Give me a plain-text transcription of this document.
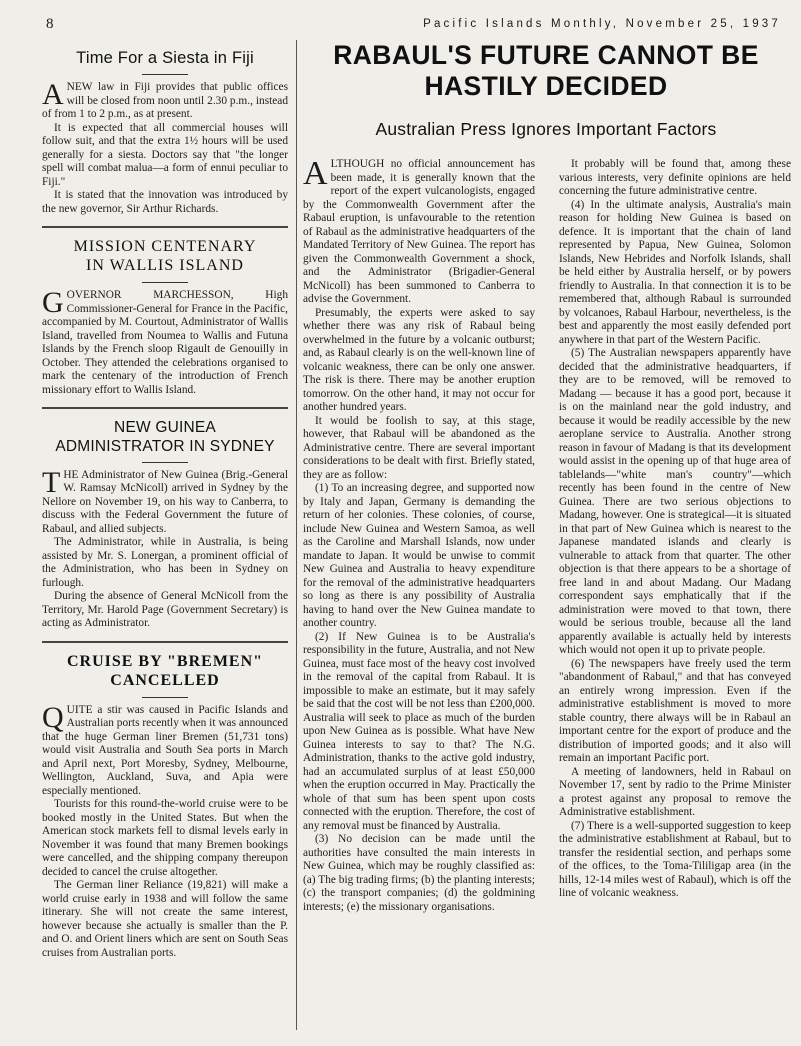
8	Pacific Islands Monthly, November 25, 1937
Time For a Siesta in Fiji

ANEW law in Fiji provides that public offices will be closed from noon until 2.30 p.m., instead of from 1 to 2 p.m., as at present.

It is expected that all commercial houses will follow suit, and that the extra 1½ hours will be used generally for a siesta. Doctors say that "the longer spell will combat malua—a form of ennui peculiar to Fiji."

It is stated that the innovation was introduced by the new governor, Sir Arthur Richards.

MISSION CENTENARY IN WALLIS ISLAND

GOVERNOR MARCHESSON, High Commissioner-General for France in the Pacific, accompanied by M. Courtout, Administrator of Wallis Island, travelled from Noumea to Wallis and Futuna Islands by the French sloop Rigault de Genouilly in October. They attended the celebrations organised to mark the centenary of the introduction of French missionary effort to Wallis Island.

NEW GUINEA ADMINISTRATOR IN SYDNEY

THE Administrator of New Guinea (Brig.-General W. Ramsay McNicoll) arrived in Sydney by the Nellore on November 19, on his way to Canberra, to discuss with the Federal Government the future of Rabaul, and allied subjects.

The Administrator, while in Australia, is being assisted by Mr. S. Lonergan, a prominent official of the Administration, who has been in Sydney on furlough.

During the absence of General McNicoll from the Territory, Mr. Harold Page (Government Secretary) is acting as Administrator.

CRUISE BY "BREMEN" CANCELLED

QUITE a stir was caused in Pacific Islands and Australian ports recently when it was announced that the huge German liner Bremen (51,731 tons) would visit Australia and South Sea ports in March and April next, Port Moresby, Sydney, Melbourne, Wellington, Auckland, Suva, and Apia were especially mentioned.

Tourists for this round-the-world cruise were to be booked mostly in the United States. But when the American stock markets fell to dismal levels early in November it was found that many Bremen bookings were cancelled, and the shipping company thereupon decided to cancel the cruise altogether.

The German liner Reliance (19,821) will make a world cruise early in 1938 and will follow the same itinerary. She will not create the same interest, however because she actually is smaller than the P. and O. and Orient liners which are sent on South Seas cruises from Australian ports.

RABAUL'S FUTURE CANNOT BE HASTILY DECIDED
Australian Press Ignores Important Factors

ALTHOUGH no official announcement has been made, it is generally known that the report of the expert vulcanologists, engaged by the Commonwealth Government after the Rabaul eruption, is unfavourable to the retention of Rabaul as the administrative headquarters of the Mandated Territory of New Guinea. The report has given the Commonwealth Government a shock, and the Administrator (Brigadier-General McNicoll) has been summoned to Canberra to advise the Government.

Presumably, the experts were asked to say whether there was any risk of Rabaul being overwhelmed in the future by a volcanic outburst; and, as Rabaul clearly is on the well-known line of volcanic weakness, there can be only one answer. The risk is there. There may be another eruption tomorrow. On the other hand, it may not occur for another hundred years.

It would be foolish to say, at this stage, however, that Rabaul will be abandoned as the Administrative centre. There are several important considerations to be dealt with first. Briefly stated, they are as follow:

(1) To an increasing degree, and supported now by Italy and Japan, Germany is demanding the return of her colonies. These colonies, of course, include New Guinea and Western Samoa, as well as the Caroline and Marshall Islands, now under mandate to Japan. It would be unwise to commit New Guinea and Australia to heavy expenditure for the removal of the administrative headquarters so long as there is any possibility of Australia having to hand over the New Guinea mandate to another country.

(2) If New Guinea is to be Australia's responsibility in the future, Australia, and not New Guinea, must face most of the heavy cost involved in the removal of the capital from Rabaul. It is impossible to make an estimate, but it may safely be said that the cost will be not less than £200,000. Australia will seek to place as much of the burden upon New Guinea as is possible. What have New Guinea interests to say to that? The N.G. Administration, thanks to the active gold industry, had an accumulated surplus of at least £50,000 when the eruption occurred in May. Practically the whole of that sum has been spent upon costs connected with the eruption. Therefore, the cost of any removal must be financed by Australia.

(3) No decision can be made until the authorities have consulted the main interests in New Guinea, which may be roughly classified as: (a) The big trading firms; (b) the planting interests; (c) the transport companies; (d) the goldmining interests; (e) the missionary organisations.

It probably will be found that, among these various interests, very definite opinions are held concerning the future administrative centre.

(4) In the ultimate analysis, Australia's main reason for holding New Guinea is based on defence. It is important that the chain of land represented by Papua, New Guinea, Solomon Islands, New Hebrides and Norfolk Islands, shall be held either by Australia herself, or by powers friendly to Australia. In that connection it is to be remembered that, although Rabaul is surrounded by volcanoes, Rabaul Harbour, nevertheless, is the best and apparently the most easily defended port anywhere in that part of the Western Pacific.

(5) The Australian newspapers apparently have decided that the administrative headquarters, if they are to be removed, will be removed to Madang — because it has a good port, because it is on the mainland near the gold industry, and because it would be readily accessible by the new aeroplane service to Australia. Another strong reason in favour of Madang is that its development would assist in the opening up of that huge area of tablelands—"white man's country"—which recently has been found in the centre of New Guinea. There are two serious objections to Madang, however. One is strategical—it is situated in that part of New Guinea which is nearest to the Japanese mandated islands and clearly is vulnerable to attack from that quarter. The other objection is that there appears to be a shortage of free land in and about Madang. Our Madang correspondent says emphatically that if the administration were moved to that town, there would be serious trouble, because all the land apparently available is actually held by interests which would not open it up to private people.

(6) The newspapers have freely used the term "abandonment of Rabaul," and that has conveyed an entirely wrong impression. Even if the administrative establishment is moved to more stable country, there always will be in Rabaul an important centre for the export of produce and the distribution of imported goods; and it also will remain an important Pacific port.

A meeting of landowners, held in Rabaul on November 17, sent by radio to the Prime Minister a protest against any proposal to remove the Administrative establishment.

(7) There is a well-supported suggestion to keep the administrative establishment at Rabaul, but to transfer the residential section, and perhaps some of the offices, to the Toma-Tililigap area (in the hills, 12-14 miles west of Rabaul), which is off the line of volcanic weakness.
